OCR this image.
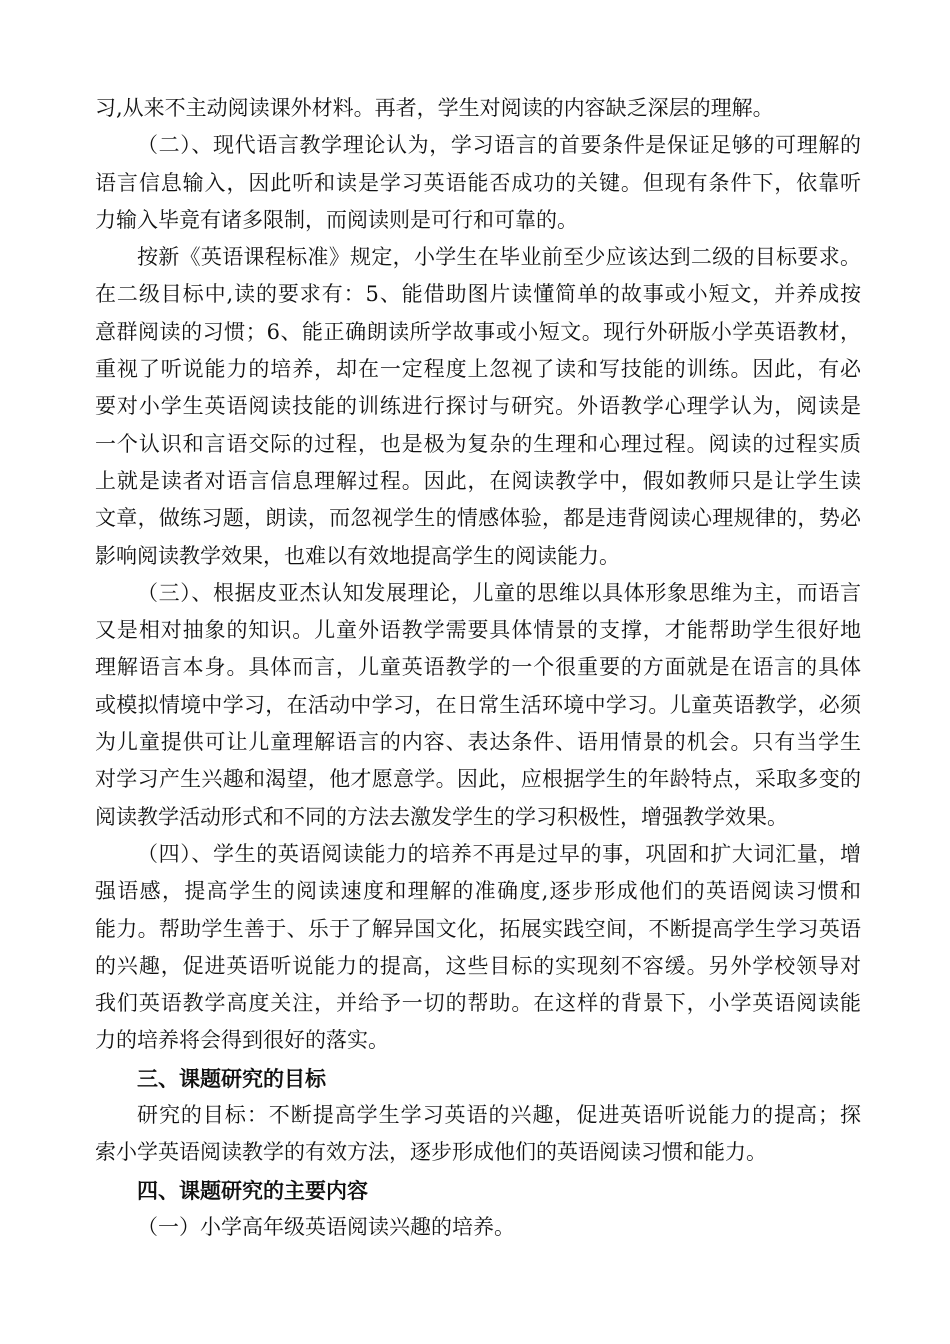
习,从来不主动阅读课外材料。再者，学生对阅读的内容缺乏深层的理解。
（二）、现代语言教学理论认为，学习语言的首要条件是保证足够的可理解的
语言信息输入，因此听和读是学习英语能否成功的关键。但现有条件下，依靠听
力输入毕竟有诸多限制，而阅读则是可行和可靠的。
按新《英语课程标准》规定，小学生在毕业前至少应该达到二级的目标要求。
在二级目标中,读的要求有：5、能借助图片读懂简单的故事或小短文，并养成按
意群阅读的习惯；6、能正确朗读所学故事或小短文。现行外研版小学英语教材，
重视了听说能力的培养，却在一定程度上忽视了读和写技能的训练。因此，有必
要对小学生英语阅读技能的训练进行探讨与研究。外语教学心理学认为，阅读是
一个认识和言语交际的过程，也是极为复杂的生理和心理过程。阅读的过程实质
上就是读者对语言信息理解过程。因此，在阅读教学中，假如教师只是让学生读
文章，做练习题，朗读，而忽视学生的情感体验，都是违背阅读心理规律的，势必
影响阅读教学效果，也难以有效地提高学生的阅读能力。
（三）、根据皮亚杰认知发展理论，儿童的思维以具体形象思维为主，而语言
又是相对抽象的知识。儿童外语教学需要具体情景的支撑，才能帮助学生很好地
理解语言本身。具体而言，儿童英语教学的一个很重要的方面就是在语言的具体
或模拟情境中学习，在活动中学习，在日常生活环境中学习。儿童英语教学，必须
为儿童提供可让儿童理解语言的内容、表达条件、语用情景的机会。只有当学生
对学习产生兴趣和渴望，他才愿意学。因此，应根据学生的年龄特点，采取多变的
阅读教学活动形式和不同的方法去激发学生的学习积极性，增强教学效果。
（四）、学生的英语阅读能力的培养不再是过早的事，巩固和扩大词汇量，增
强语感，提高学生的阅读速度和理解的准确度,逐步形成他们的英语阅读习惯和
能力。帮助学生善于、乐于了解异国文化，拓展实践空间，不断提高学生学习英语
的兴趣，促进英语听说能力的提高，这些目标的实现刻不容缓。另外学校领导对
我们英语教学高度关注，并给予一切的帮助。在这样的背景下，小学英语阅读能
力的培养将会得到很好的落实。
三、课题研究的目标
研究的目标：不断提高学生学习英语的兴趣，促进英语听说能力的提高；探
索小学英语阅读教学的有效方法，逐步形成他们的英语阅读习惯和能力。
四、课题研究的主要内容
（一）小学高年级英语阅读兴趣的培养。
